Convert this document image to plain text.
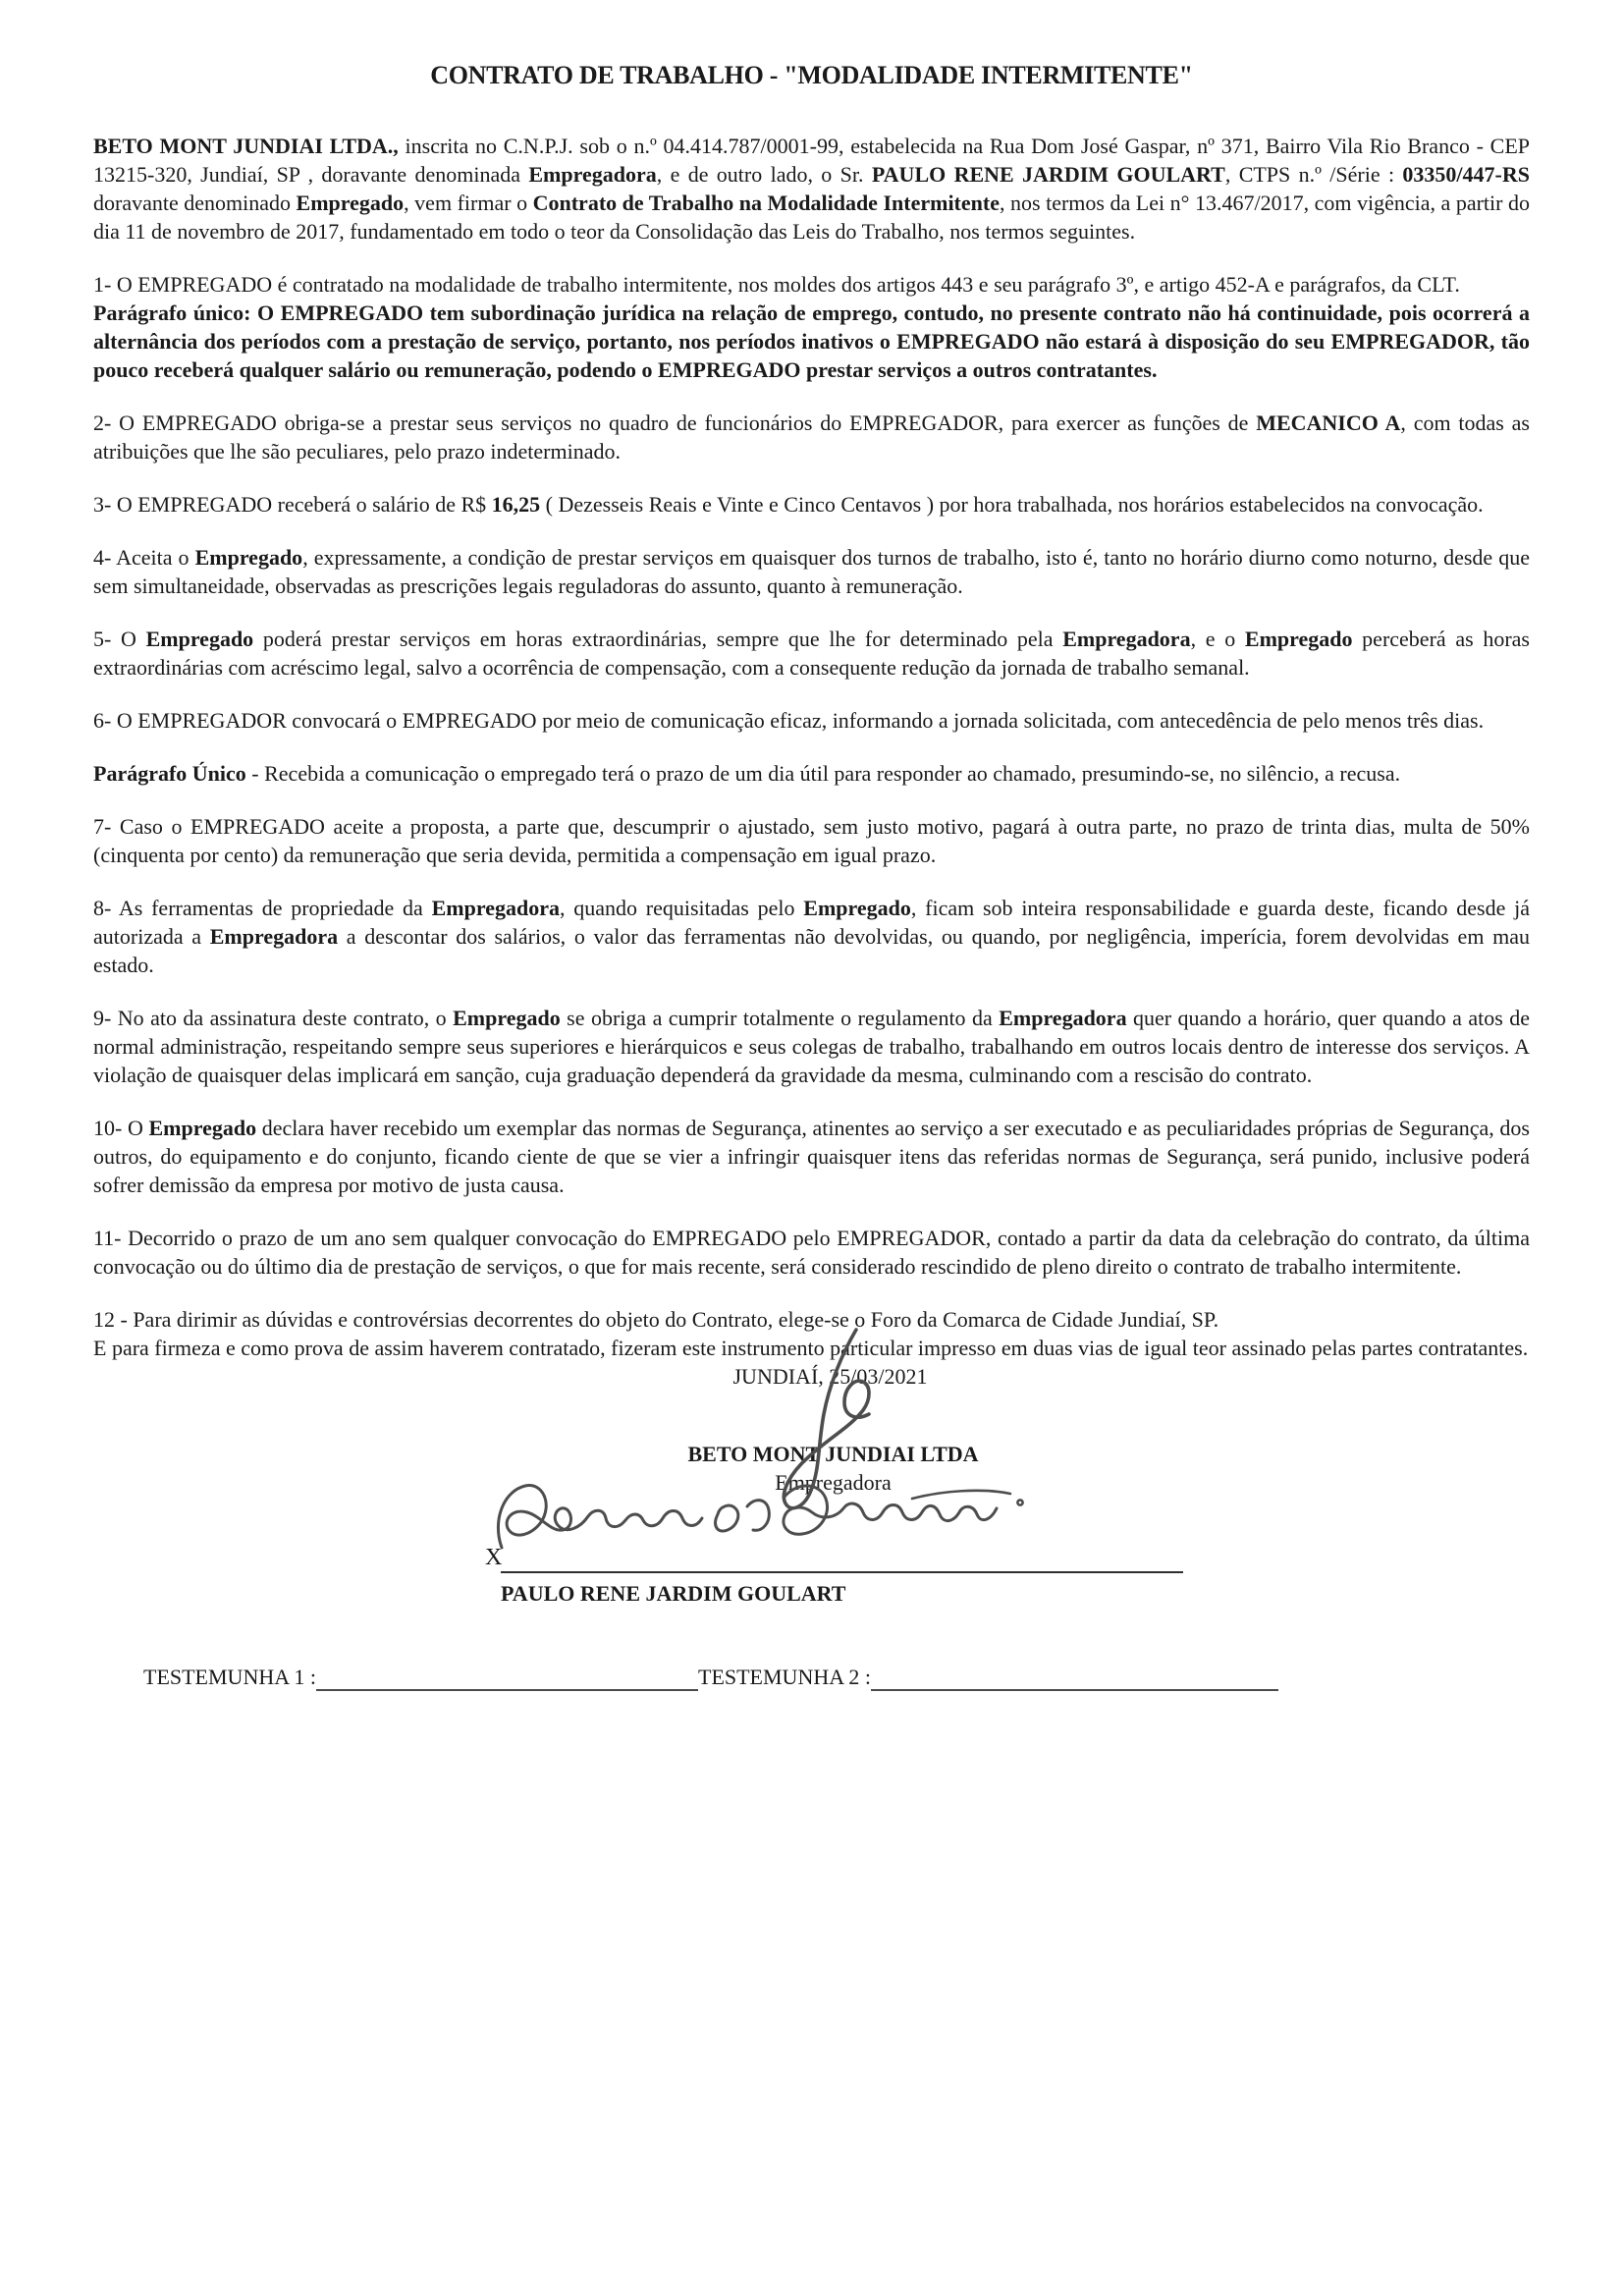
CONTRATO DE TRABALHO - "MODALIDADE INTERMITENTE"

BETO MONT JUNDIAI LTDA., inscrita no C.N.P.J. sob o n.º 04.414.787/0001-99, estabelecida na Rua Dom José Gaspar, nº 371, Bairro Vila Rio Branco - CEP 13215-320, Jundiaí, SP , doravante denominada Empregadora, e de outro lado, o Sr. PAULO RENE JARDIM GOULART, CTPS n.º /Série : 03350/447-RS doravante denominado Empregado, vem firmar o Contrato de Trabalho na Modalidade Intermitente, nos termos da Lei n° 13.467/2017, com vigência, a partir do dia 11 de novembro de 2017, fundamentado em todo o teor da Consolidação das Leis do Trabalho, nos termos seguintes.

1- O EMPREGADO é contratado na modalidade de trabalho intermitente, nos moldes dos artigos 443 e seu parágrafo 3º, e artigo 452-A e parágrafos, da CLT.

Parágrafo único: O EMPREGADO tem subordinação jurídica na relação de emprego, contudo, no presente contrato não há continuidade, pois ocorrerá a alternância dos períodos com a prestação de serviço, portanto, nos períodos inativos o EMPREGADO não estará à disposição do seu EMPREGADOR, tão pouco receberá qualquer salário ou remuneração, podendo o EMPREGADO prestar serviços a outros contratantes.

2- O EMPREGADO obriga-se a prestar seus serviços no quadro de funcionários do EMPREGADOR, para exercer as funções de MECANICO A, com todas as atribuições que lhe são peculiares, pelo prazo indeterminado.

3- O EMPREGADO receberá o salário de R$ 16,25 ( Dezesseis Reais e Vinte e Cinco Centavos ) por hora trabalhada, nos horários estabelecidos na convocação.

4- Aceita o Empregado, expressamente, a condição de prestar serviços em quaisquer dos turnos de trabalho, isto é, tanto no horário diurno como noturno, desde que sem simultaneidade, observadas as prescrições legais reguladoras do assunto, quanto à remuneração.

5- O Empregado poderá prestar serviços em horas extraordinárias, sempre que lhe for determinado pela Empregadora, e o Empregado perceberá as horas extraordinárias com acréscimo legal, salvo a ocorrência de compensação, com a consequente redução da jornada de trabalho semanal.

6- O EMPREGADOR convocará o EMPREGADO por meio de comunicação eficaz, informando a jornada solicitada, com antecedência de pelo menos três dias.

Parágrafo Único - Recebida a comunicação o empregado terá o prazo de um dia útil para responder ao chamado, presumindo-se, no silêncio, a recusa.

7- Caso o EMPREGADO aceite a proposta, a parte que, descumprir o ajustado, sem justo motivo, pagará à outra parte, no prazo de trinta dias, multa de 50% (cinquenta por cento) da remuneração que seria devida, permitida a compensação em igual prazo.

8- As ferramentas de propriedade da Empregadora, quando requisitadas pelo Empregado, ficam sob inteira responsabilidade e guarda deste, ficando desde já autorizada a Empregadora a descontar dos salários, o valor das ferramentas não devolvidas, ou quando, por negligência, imperícia, forem devolvidas em mau estado.

9- No ato da assinatura deste contrato, o Empregado se obriga a cumprir totalmente o regulamento da Empregadora quer quando a horário, quer quando a atos de normal administração, respeitando sempre seus superiores e hierárquicos e seus colegas de trabalho, trabalhando em outros locais dentro de interesse dos serviços. A violação de quaisquer delas implicará em sanção, cuja graduação dependerá da gravidade da mesma, culminando com a rescisão do contrato.

10- O Empregado declara haver recebido um exemplar das normas de Segurança, atinentes ao serviço a ser executado e as peculiaridades próprias de Segurança, dos outros, do equipamento e do conjunto, ficando ciente de que se vier a infringir quaisquer itens das referidas normas de Segurança, será punido, inclusive poderá sofrer demissão da empresa por motivo de justa causa.

11- Decorrido o prazo de um ano sem qualquer convocação do EMPREGADO pelo EMPREGADOR, contado a partir da data da celebração do contrato, da última convocação ou do último dia de prestação de serviços, o que for mais recente, será considerado rescindido de pleno direito o contrato de trabalho intermitente.

12 - Para dirimir as dúvidas e controvérsias decorrentes do objeto do Contrato, elege-se o Foro da Comarca de Cidade Jundiaí, SP.

E para firmeza e como prova de assim haverem contratado, fizeram este instrumento particular impresso em duas vias de igual teor assinado pelas partes contratantes.

JUNDIAÍ, 25/03/2021

BETO MONT JUNDIAI LTDA
Empregadora
X
PAULO RENE JARDIM GOULART
TESTEMUNHA 1 :	TESTEMUNHA 2 :
